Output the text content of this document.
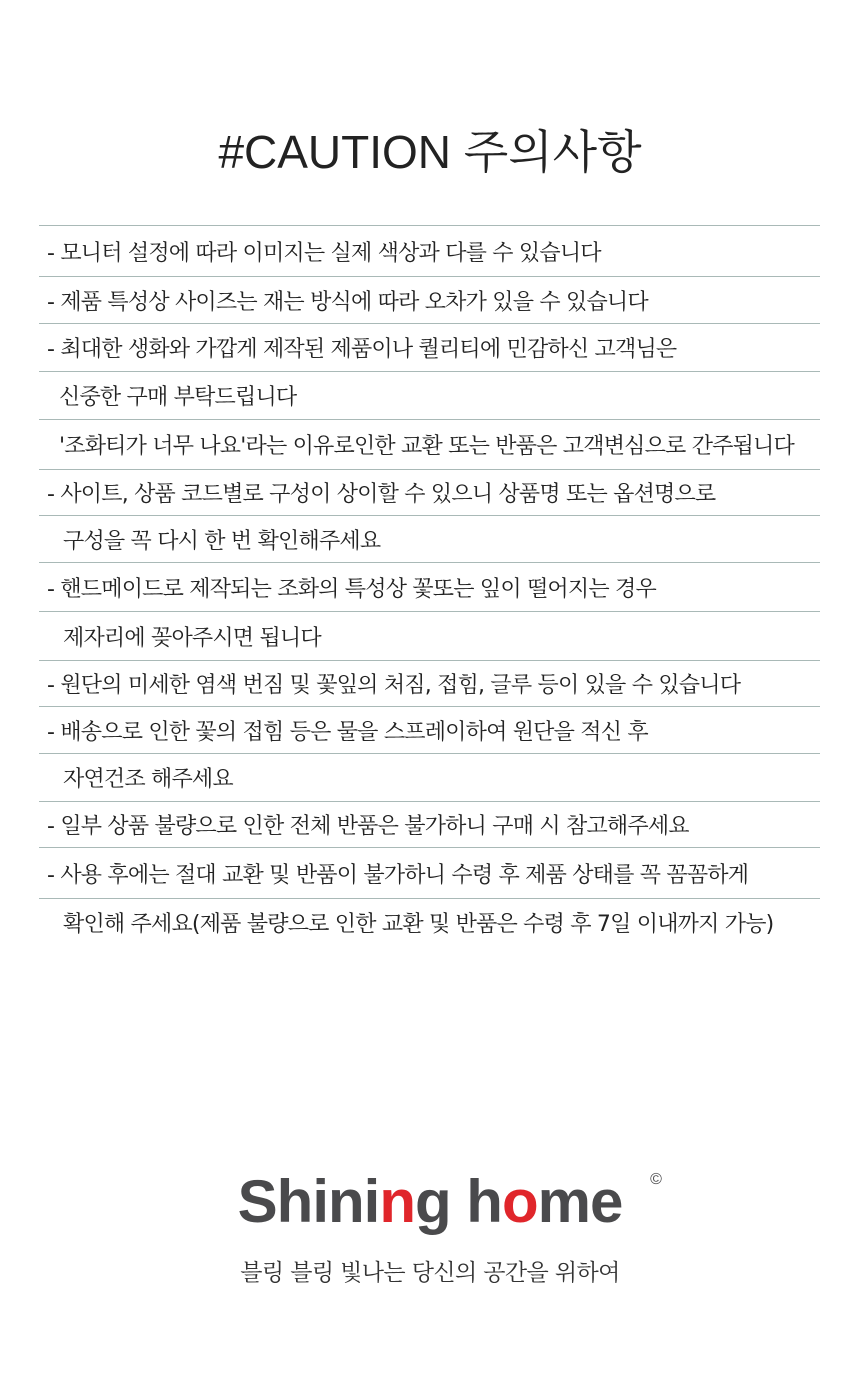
#CAUTION 주의사항
- 모니터 설정에 따라 이미지는 실제 색상과 다를 수 있습니다
- 제품 특성상 사이즈는 재는 방식에 따라 오차가 있을 수 있습니다
- 최대한 생화와 가깝게 제작된 제품이나 퀄리티에 민감하신 고객님은
신중한 구매 부탁드립니다
'조화티가 너무 나요'라는 이유로인한 교환 또는 반품은 고객변심으로 간주됩니다
- 사이트, 상품 코드별로 구성이 상이할 수 있으니 상품명 또는 옵션명으로
구성을 꼭 다시 한 번 확인해주세요
- 핸드메이드로 제작되는 조화의 특성상 꽃또는 잎이 떨어지는 경우
제자리에 꽂아주시면 됩니다
- 원단의 미세한 염색 번짐 및 꽃잎의 처짐, 접힘, 글루 등이 있을 수 있습니다
- 배송으로 인한 꽃의 접힘 등은 물을 스프레이하여 원단을 적신 후
자연건조 해주세요
- 일부 상품 불량으로 인한 전체 반품은 불가하니 구매 시 참고해주세요
- 사용 후에는 절대 교환 및 반품이 불가하니 수령 후 제품 상태를 꼭 꼼꼼하게
확인해 주세요(제품 불량으로 인한 교환 및 반품은 수령 후 7일 이내까지 가능)
Shining home ©
블링 블링 빛나는 당신의 공간을 위하여
